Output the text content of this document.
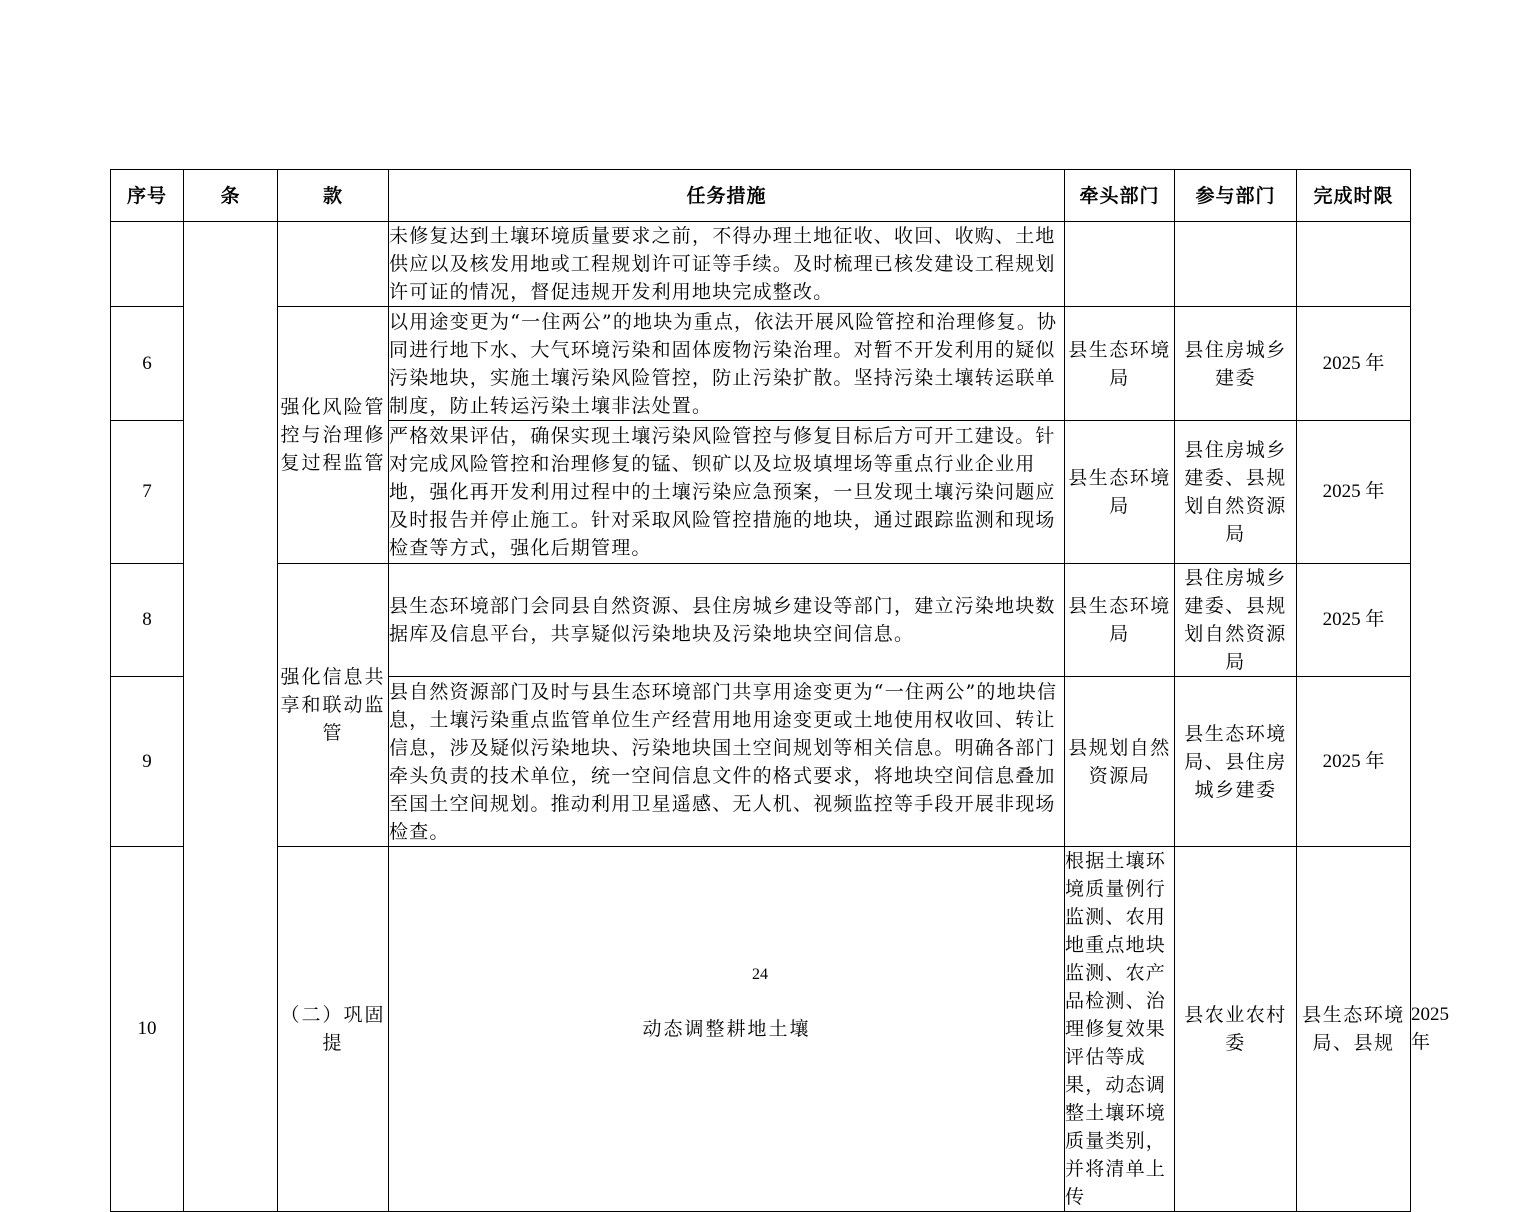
序号	条	款	任务措施	牵头部门	参与部门	完成时限	
			未修复达到土壤环境质量要求之前，不得办理土地征收、收回、收购、土地供应以及核发用地或工程规划许可证等手续。及时梳理已核发建设工程规划许可证的情况，督促违规开发利用地块完成整改。				
6		强化风险管控与治理修复过程监管	以用途变更为“一住两公”的地块为重点，依法开展风险管控和治理修复。协同进行地下水、大气环境污染和固体废物污染治理。对暂不开发利用的疑似污染地块，实施土壤污染风险管控，防止污染扩散。坚持污染土壤转运联单制度，防止转运污染土壤非法处置。	县生态环境局	县住房城乡建委	2025 年	
7			严格效果评估，确保实现土壤污染风险管控与修复目标后方可开工建设。针对完成风险管控和治理修复的锰、钡矿以及垃圾填埋场等重点行业企业用地，强化再开发利用过程中的土壤污染应急预案，一旦发现土壤污染问题应及时报告并停止施工。针对采取风险管控措施的地块，通过跟踪监测和现场检查等方式，强化后期管理。	县生态环境局	县住房城乡建委、县规划自然资源局	2025 年	
8		强化信息共享和联动监管	县生态环境部门会同县自然资源、县住房城乡建设等部门，建立污染地块数据库及信息平台，共享疑似污染地块及污染地块空间信息。	县生态环境局	县住房城乡建委、县规划自然资源局	2025 年	
9			县自然资源部门及时与县生态环境部门共享用途变更为“一住两公”的地块信息，土壤污染重点监管单位生产经营用地用途变更或土地使用权收回、转让信息，涉及疑似污染地块、污染地块国土空间规划等相关信息。明确各部门牵头负责的技术单位，统一空间信息文件的格式要求，将地块空间信息叠加至国土空间规划。推动利用卫星遥感、无人机、视频监控等手段开展非现场检查。	县规划自然资源局	县生态环境局、县住房城乡建委	2025 年	
10		（二）巩固提	动态调整耕地土壤	根据土壤环境质量例行监测、农用地重点地块监测、农产品检测、治理修复效果评估等成果，动态调整土壤环境质量类别，并将清单上传	县农业农村委	县生态环境局、县规	2025 年
24
